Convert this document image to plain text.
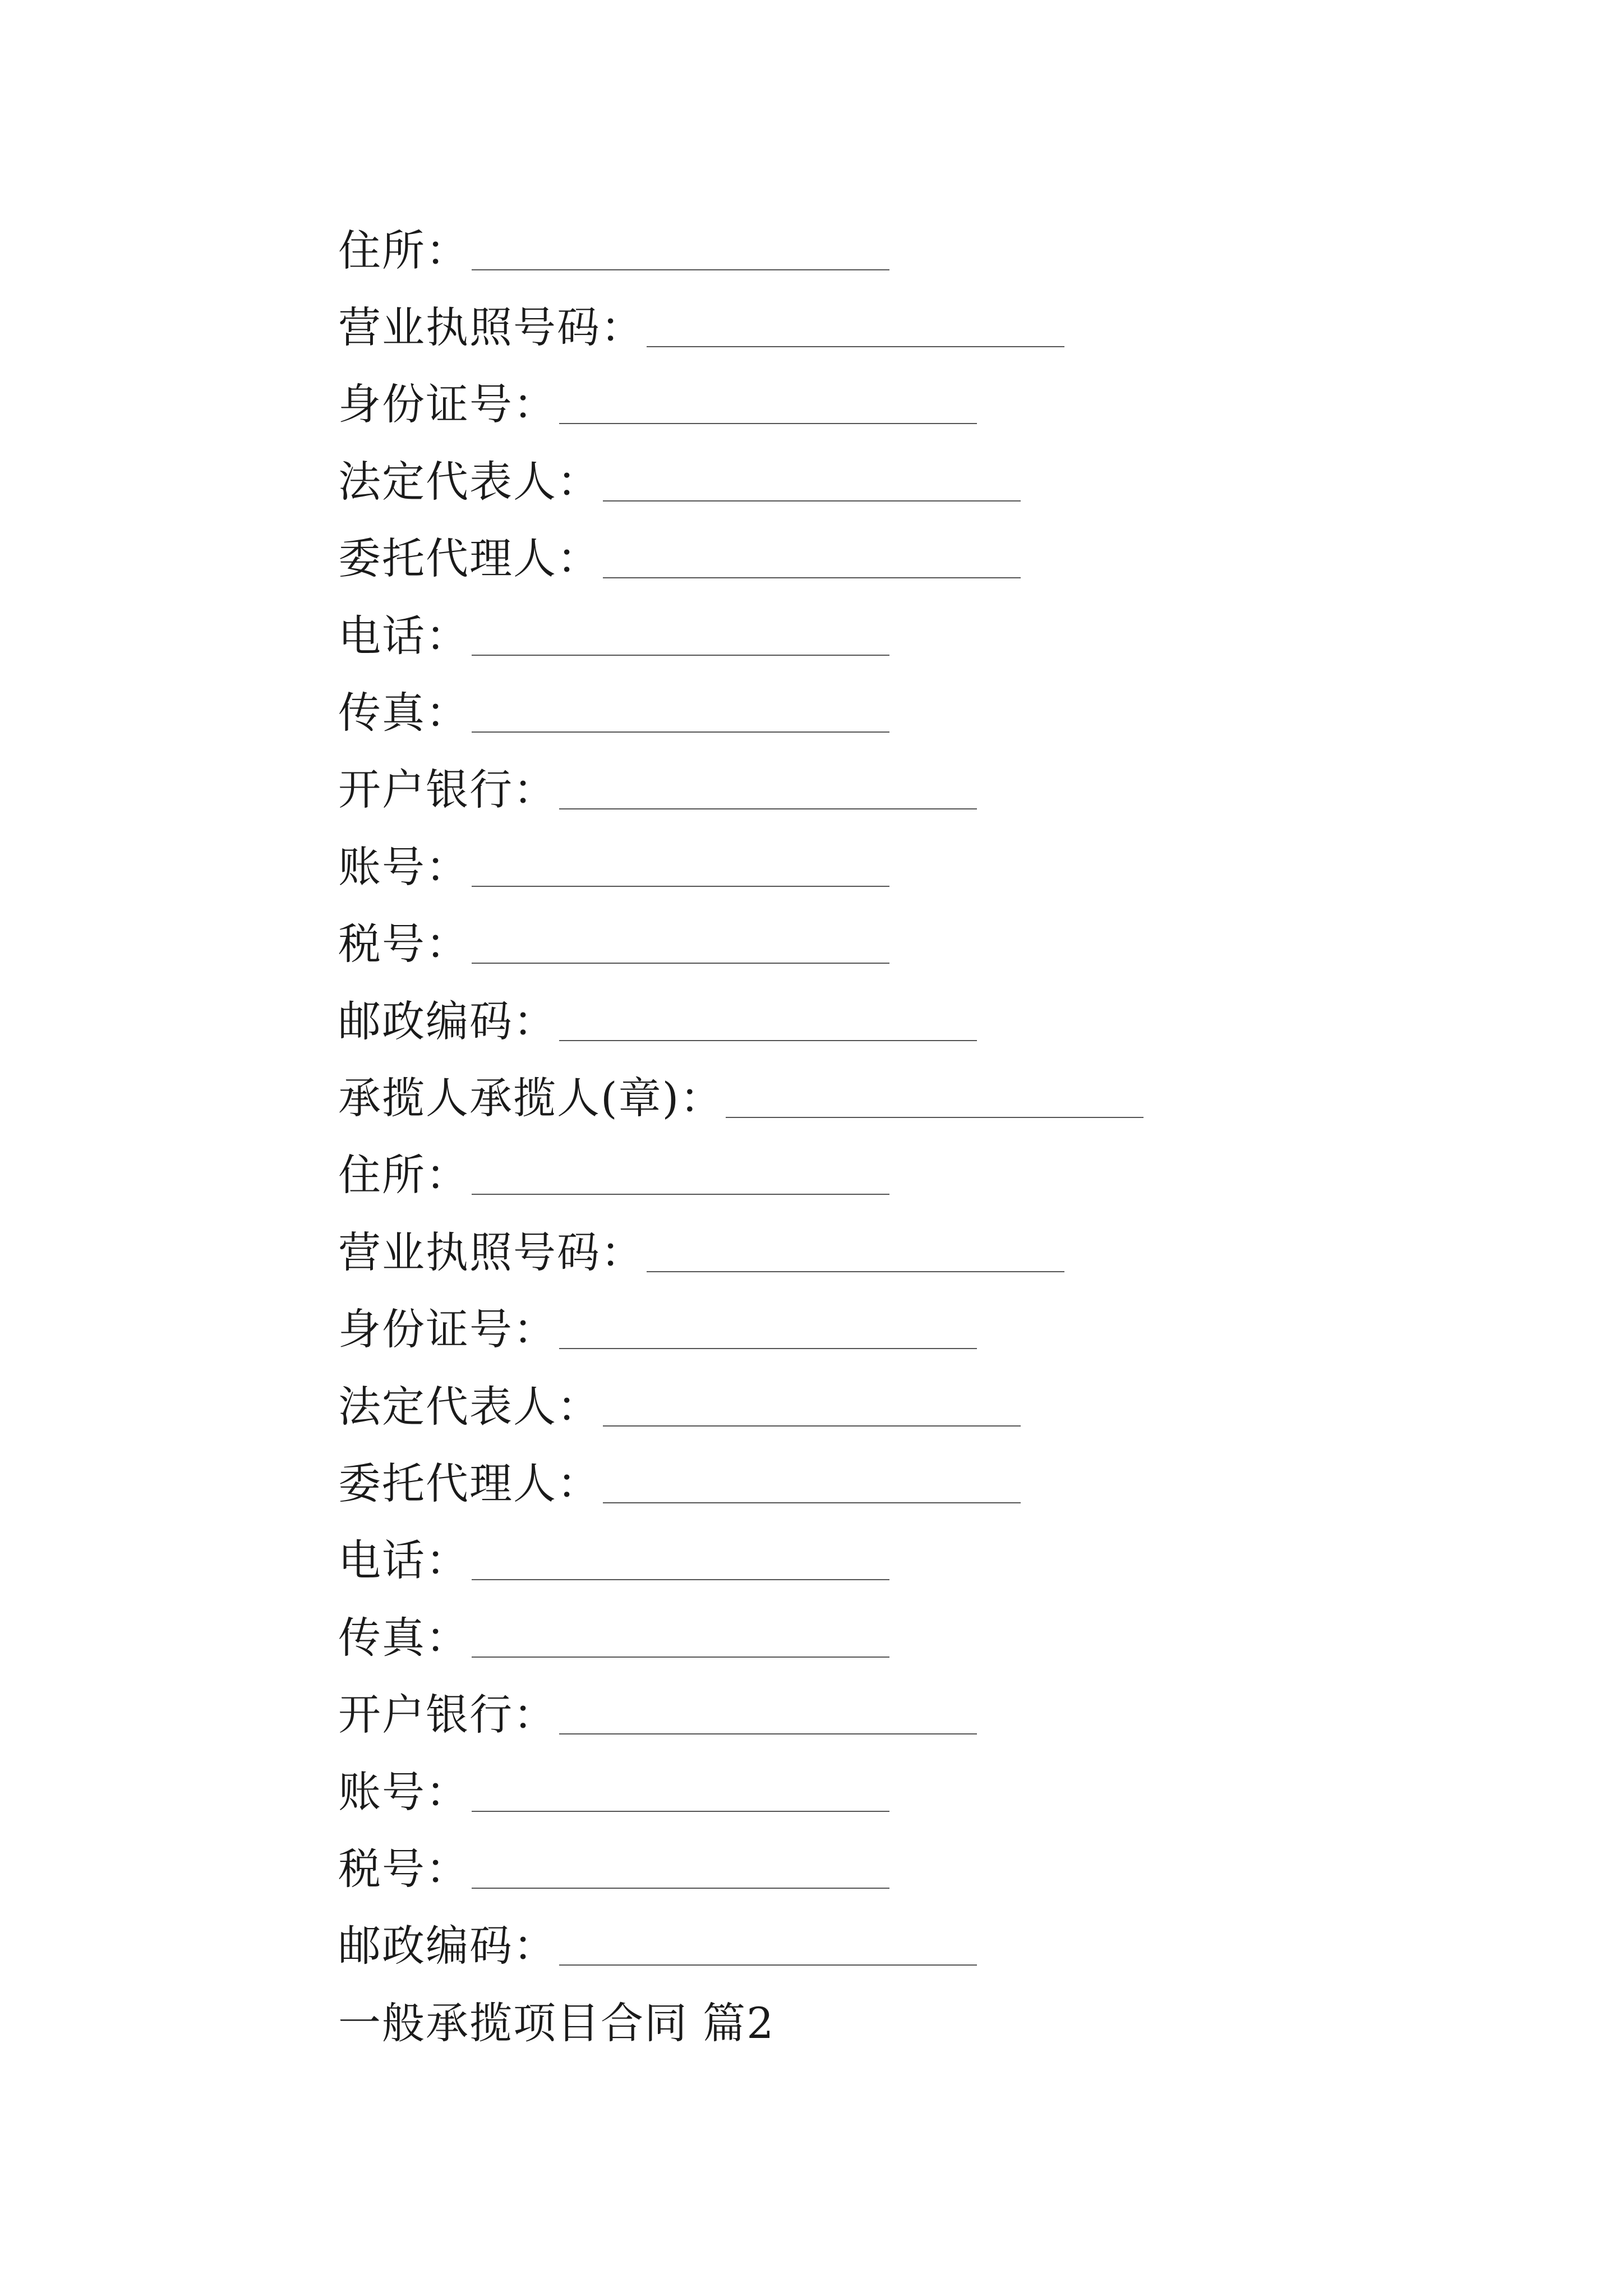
住所：
营业执照号码：
身份证号：
法定代表人：
委托代理人：
电话：
传真：
开户银行：
账号：
税号：
邮政编码：
承揽人承揽人(章)：
住所：
营业执照号码：
身份证号：
法定代表人：
委托代理人：
电话：
传真：
开户银行：
账号：
税号：
邮政编码：
一般承揽项目合同 篇2
